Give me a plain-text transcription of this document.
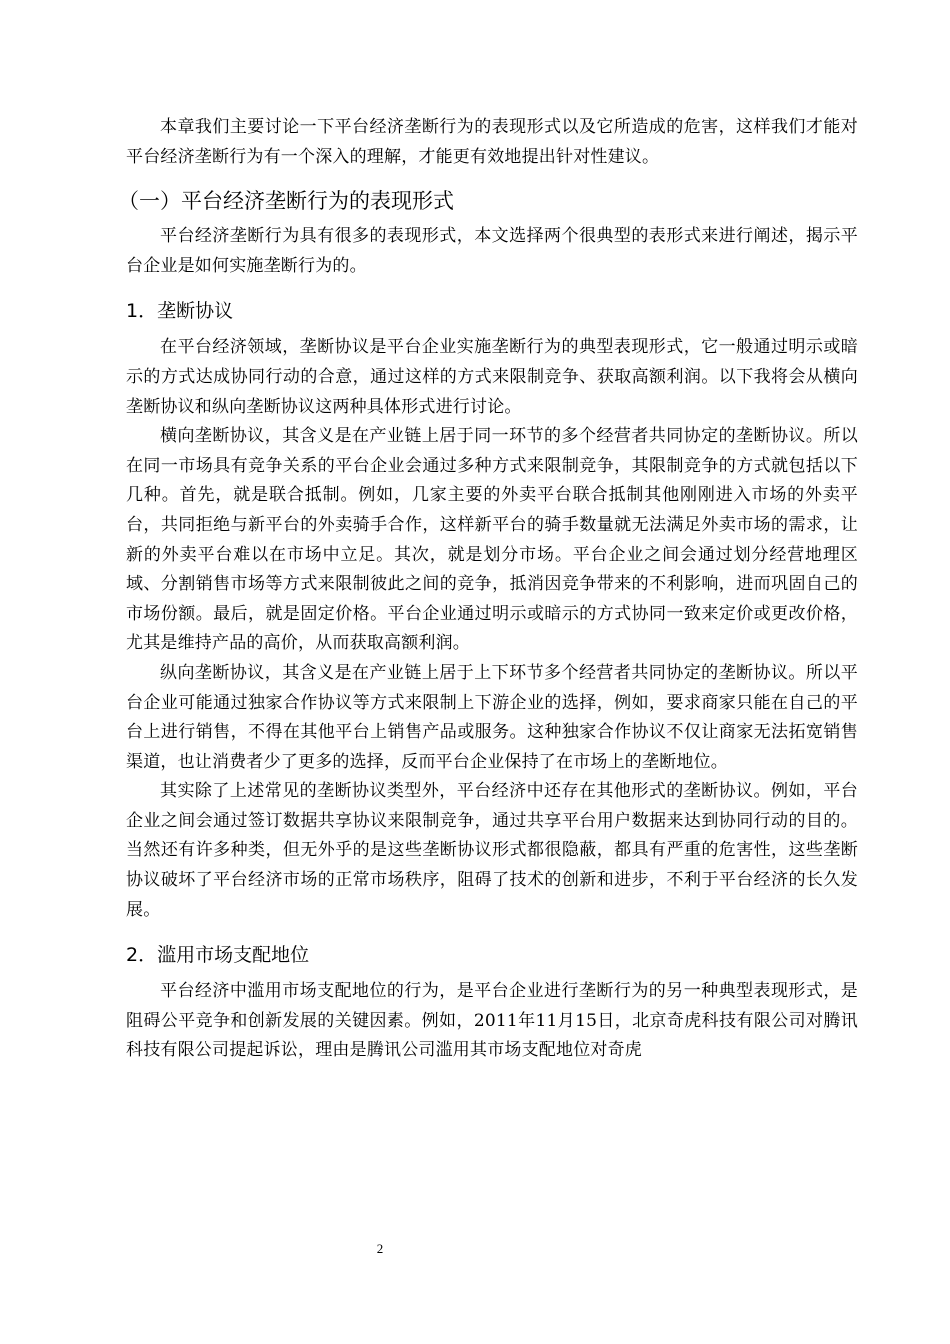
本章我们主要讨论一下平台经济垄断行为的表现形式以及它所造成的危害，这样我们才能对平台经济垄断行为有一个深入的理解，才能更有效地提出针对性建议。

（一）平台经济垄断行为的表现形式

平台经济垄断行为具有很多的表现形式，本文选择两个很典型的表形式来进行阐述，揭示平台企业是如何实施垄断行为的。

1．垄断协议

在平台经济领域，垄断协议是平台企业实施垄断行为的典型表现形式，它一般通过明示或暗示的方式达成协同行动的合意，通过这样的方式来限制竞争、获取高额利润。以下我将会从横向垄断协议和纵向垄断协议这两种具体形式进行讨论。

横向垄断协议，其含义是在产业链上居于同一环节的多个经营者共同协定的垄断协议。所以在同一市场具有竞争关系的平台企业会通过多种方式来限制竞争，其限制竞争的方式就包括以下几种。首先，就是联合抵制。例如，几家主要的外卖平台联合抵制其他刚刚进入市场的外卖平台，共同拒绝与新平台的外卖骑手合作，这样新平台的骑手数量就无法满足外卖市场的需求，让新的外卖平台难以在市场中立足。其次，就是划分市场。平台企业之间会通过划分经营地理区域、分割销售市场等方式来限制彼此之间的竞争，抵消因竞争带来的不利影响，进而巩固自己的市场份额。最后，就是固定价格。平台企业通过明示或暗示的方式协同一致来定价或更改价格，尤其是维持产品的高价，从而获取高额利润。

纵向垄断协议，其含义是在产业链上居于上下环节多个经营者共同协定的垄断协议。所以平台企业可能通过独家合作协议等方式来限制上下游企业的选择，例如，要求商家只能在自己的平台上进行销售，不得在其他平台上销售产品或服务。这种独家合作协议不仅让商家无法拓宽销售渠道，也让消费者少了更多的选择，反而平台企业保持了在市场上的垄断地位。

其实除了上述常见的垄断协议类型外，平台经济中还存在其他形式的垄断协议。例如，平台企业之间会通过签订数据共享协议来限制竞争，通过共享平台用户数据来达到协同行动的目的。当然还有许多种类，但无外乎的是这些垄断协议形式都很隐蔽，都具有严重的危害性，这些垄断协议破坏了平台经济市场的正常市场秩序，阻碍了技术的创新和进步，不利于平台经济的长久发展。

2．滥用市场支配地位

平台经济中滥用市场支配地位的行为，是平台企业进行垄断行为的另一种典型表现形式，是阻碍公平竞争和创新发展的关键因素。例如，2011年11月15日，北京奇虎科技有限公司对腾讯科技有限公司提起诉讼，理由是腾讯公司滥用其市场支配地位对奇虎

2
